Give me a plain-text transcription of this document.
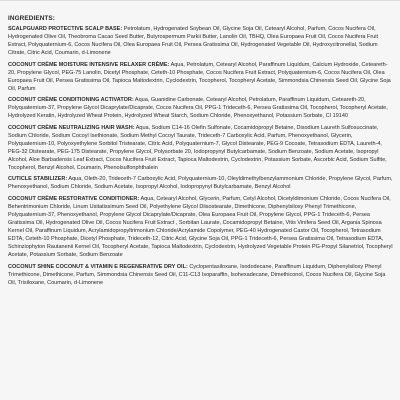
INGREDIENTS:
SCALPGUARD PROTECTIVE SCALP BASE: Petrolatum, Hydrogenated Soybean Oil, Glycine Soja Oil, Cetearyl Alcohol, Parfum, Cocos Nucifera Oil, Hydrogenated Olive Oil, Theobroma Cacao Seed Butter, Butyrospermum Parkii Butter, Lanolin Oil, TBHQ, Olea Europaea Fruit Oil, Cocos Nucifera Fruit Extract, Polyquaternium-6, Cocos Nucifera Oil, Olea Europaea Fruit Oil, Persea Gratissima Oil, Hydrogenated Vegetable Oil, Hydroxycitronellal, Sodium Citrate, Citric Acid, Coumarin, d-Limonene
COCONUT CRÈME MOISTURE INTENSIVE RELAXER CRÈME: Aqua, Petrolatum, Cetearyl Alcohol, Paraffinum Liquidum, Calcium Hydroxide, Ceteareth-20, Propylene Glycol, PEG-75 Lanolin, Dicetyl Phosphate, Ceteth-10 Phosphate, Cocos Nucifera Fruit Extract, Polyquaternium-6, Cocos Nucifera Oil, Olea Europaea Fruit Oil, Persea Gratissima Oil, Tapioca Maltodextrin, Cyclodextrin, Tocopherol, Tocopheryl Acetate, Simmondsia Chinensis Seed Oil, Glycine Soja Oil, Parfum
COCONUT CRÈME CONDITIONING ACTIVATOR: Aqua, Guanidine Carbonate, Cetearyl Alcohol, Petrolatum, Paraffinum Liquidum, Ceteareth-20, Polyquaternium-37, Propylene Glycol Dicaprylate/Dicaprate, Cocos Nucifera Oil, PPG-1 Trideceth-6, Persea Gratissima Oil, Tocopherol, Tocopheryl Acetate, Hydrolyzed Keratin, Hydrolyzed Wheat Protein, Hydrolyzed Wheat Starch, Sodium Chloride, Phenoxyethanol, Potassium Sorbate, CI 19140
COCONUT CRÈME NEUTRALIZING HAIR WASH: Aqua, Sodium C14-16 Olefin Sulfonate, Cocamidopropyl Betaine, Disodium Laureth Sulfosuccinate, Sodium Chloride, Sodium Cocoyl Isethionate, Sodium Methyl Cocoyl Taurate, Trideceth-7 Carboxylic Acid, Parfum, Phenoxyethanol, Glycerin, Polyquaternium-10, Polyoxyethylene Sorbitol Tristearate, Citric Acid, Polyquaternium-7, Glycol Distearate, PEG-9 Cocoate, Tetrasodium EDTA, Laureth-4, PEG-32 Distearate, PEG-175 Distearate, Propylene Glycol, Polysorbate 20, Iodopropynyl Butylcarbamate, Sodium Benzoate, Sodium Acetate, Isopropyl Alcohol, Aloe Barbadensis Leaf Extract, Cocos Nucifera Fruit Extract, Tapioca Maltodextrin, Cyclodextrin, Potassium Sorbate, Ascorbic Acid, Sodium Sulfite, Tocopherol, Benzyl Alcohol, Coumarin, Phenolsulfonphthalein
CUTICLE STABILIZER: Aqua, Oleth-20, Trideceth-7 Carboxylic Acid, Polyquaternium-10, Oleyldimethylbenzylammonium Chloride, Propylene Glycol, Parfum, Phenoxyethanol, Sodium Chloride, Sodium Acetate, Isopropyl Alcohol, Iodopropynyl Butylcarbamate, Benzyl Alcohol
COCONUT CRÈME RESTORATIVE CONDITIONER: Aqua, Cetearyl Alcohol, Glycerin, Parfum, Cetyl Alcohol, Dicetyldimonium Chloride, Cocos Nucifera Oil, Behentrimonium Chloride, Linum Usitatissimum Seed Oil, Polyethylene Glycol Diisostearate, Dimethicone, Diphenylsiloxy Phenyl Trimethicone, Polyquaternium-37, Phenoxyethanol, Propylene Glycol Dicaprylate/Dicaprate, Olea Europaea Fruit Oil, Propylene Glycol, PPG-1 Trideceth-6, Persea Gratissima Oil, Hydrogenated Olive Oil, Cocos Nucifera Fruit Extract , Sorbitan Laurate, Cocamidopropyl Betaine, Vitis Vinifera Seed Oil, Argania Spinosa Kernel Oil, Paraffinum Liquidum, Acrylamidopropyltrimonium Chloride/Acrylamide Copolymer, PEG-40 Hydrogenated Castor Oil, Tocopherol, Tetrasodium EDTA, Ceteth-10 Phosphate, Dicetyl Phosphate, Trideceth-12, Citric Acid, Glycine Soja Oil, PPG-1 Trideceth-6, Persea Gratissima Oil, Tetrasodium EDTA, Schinziophyton Rautanenii Kernel Oil, Tocopheryl Acetate, Tapioca Maltodextrin, Cyclodextrin, Hydrolyzed Vegetable Protein PG-Propyl Silanetriol, Tocopheryl Acetate, Potassium Sorbate, Sodium Benzoate
COCONUT SHINE COCONUT & VITAMIN E REGENERATIVE DRY OIL: Cyclopentasiloxane, Isododecane, Paraffinum Liquidum, Diphenylsiloxy Phenyl Trimethicone, Dimethicone, Parfum, Simmondsia Chinensis Seed Oil, C11-C13 Isoparaffin, Isohexadecane, Dimethiconol, Cocos Nucifera Oil, Glycine Soja Oil, Trisiloxane, Coumarin, d-Limonene
